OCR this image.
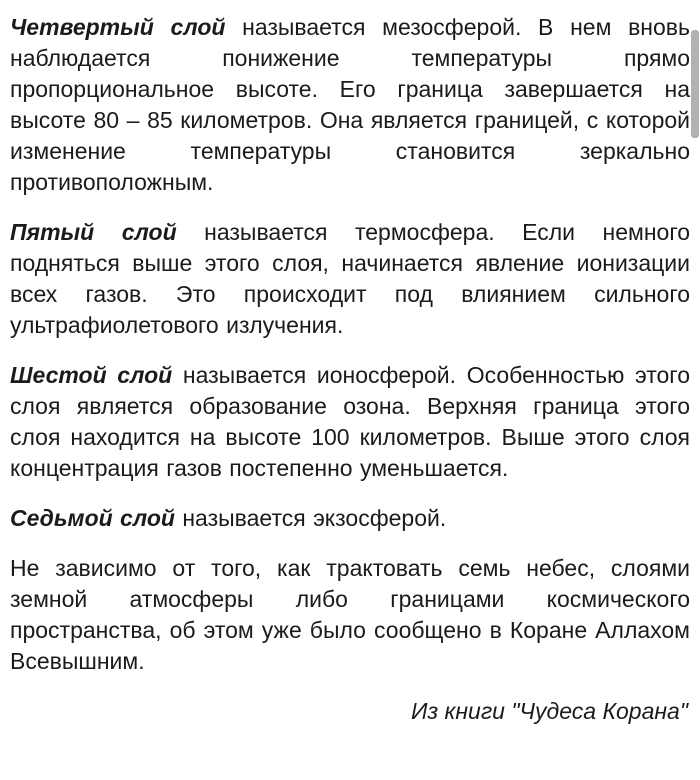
Четвертый слой называется мезосферой. В нем вновь наблюдается понижение температуры прямо пропорциональное высоте. Его граница завершается на высоте 80 – 85 километров. Она является границей, с которой изменение температуры становится зеркально противоположным.

Пятый слой называется термосфера. Если немного подняться выше этого слоя, начинается явление ионизации всех газов. Это происходит под влиянием сильного ультрафиолетового излучения.

Шестой слой называется ионосферой. Особенностью этого слоя является образование озона. Верхняя граница этого слоя находится на высоте 100 километров. Выше этого слоя концентрация газов постепенно уменьшается.

Седьмой слой называется экзосферой.

Не зависимо от того, как трактовать семь небес, слоями земной атмосферы либо границами космического пространства, об этом уже было сообщено в Коране Аллахом Всевышним.

Из книги "Чудеса Корана"
